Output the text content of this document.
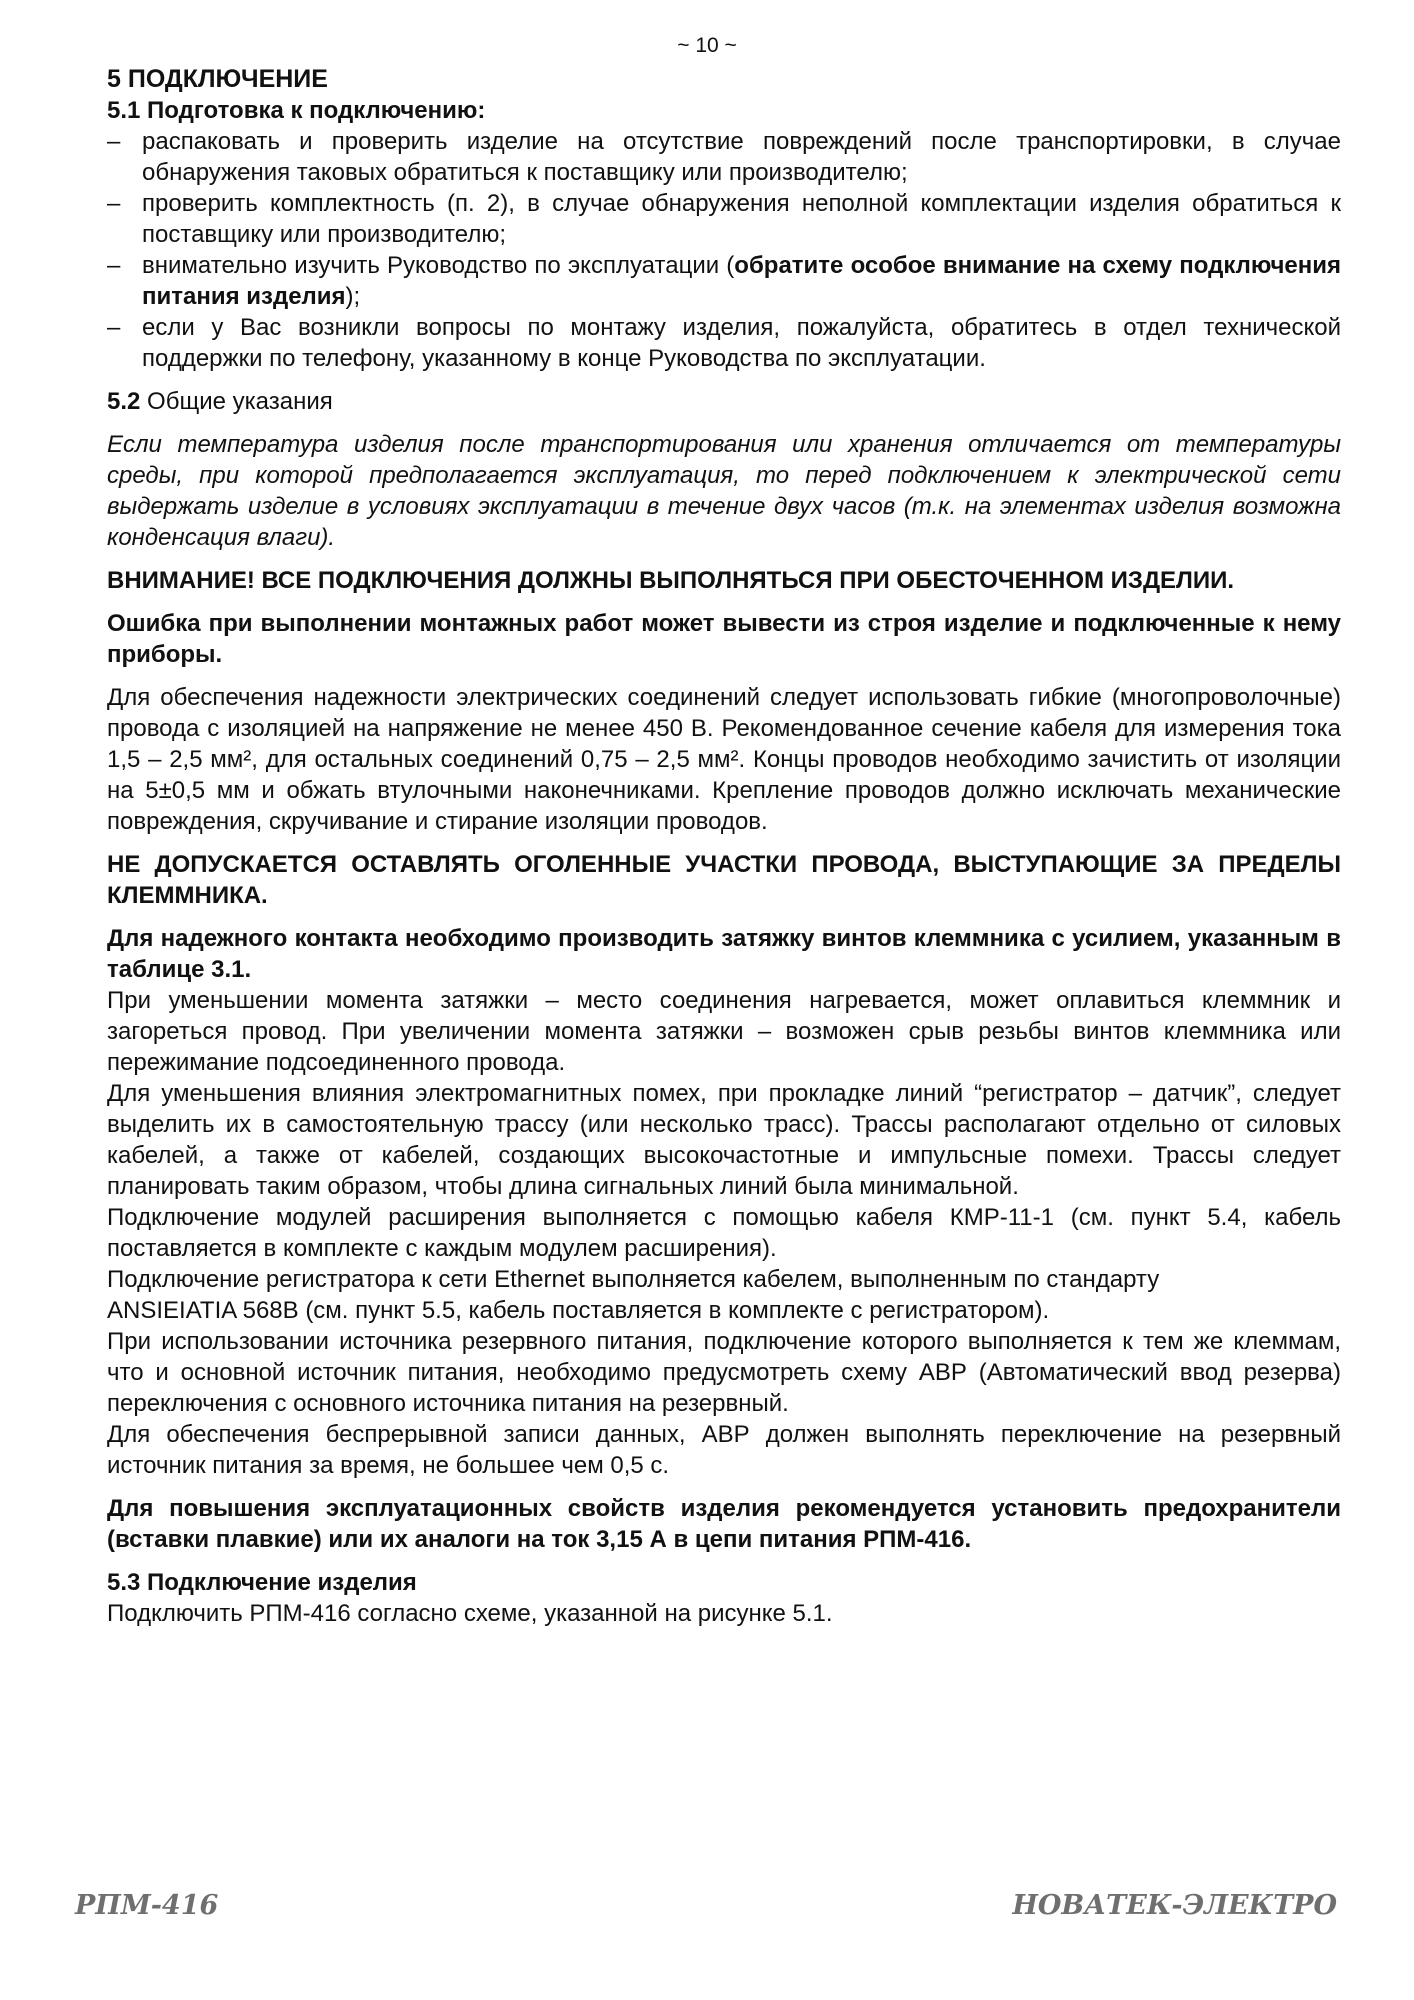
~ 10 ~

5 ПОДКЛЮЧЕНИЕ

5.1 Подготовка к подключению:

– распаковать и проверить изделие на отсутствие повреждений после транспортировки, в случае обнаружения таковых обратиться к поставщику или производителю;
– проверить комплектность (п. 2), в случае обнаружения неполной комплектации изделия обратиться к поставщику или производителю;
– внимательно изучить Руководство по эксплуатации (обратите особое внимание на схему подключения питания изделия);
– если у Вас возникли вопросы по монтажу изделия, пожалуйста, обратитесь в отдел технической поддержки по телефону, указанному в конце Руководства по эксплуатации.

5.2 Общие указания

Если температура изделия после транспортирования или хранения отличается от температуры среды, при которой предполагается эксплуатация, то перед подключением к электрической сети выдержать изделие в условиях эксплуатации в течение двух часов (т.к. на элементах изделия возможна конденсация влаги).

ВНИМАНИЕ! ВСЕ ПОДКЛЮЧЕНИЯ ДОЛЖНЫ ВЫПОЛНЯТЬСЯ ПРИ ОБЕСТОЧЕННОМ ИЗДЕЛИИ.

Ошибка при выполнении монтажных работ может вывести из строя изделие и подключенные к нему приборы.

Для обеспечения надежности электрических соединений следует использовать гибкие (многопроволочные) провода с изоляцией на напряжение не менее 450 В. Рекомендованное сечение кабеля для измерения тока 1,5 – 2,5 мм², для остальных соединений 0,75 – 2,5 мм². Концы проводов необходимо зачистить от изоляции на 5±0,5 мм и обжать втулочными наконечниками. Крепление проводов должно исключать механические повреждения, скручивание и стирание изоляции проводов.

НЕ ДОПУСКАЕТСЯ ОСТАВЛЯТЬ ОГОЛЕННЫЕ УЧАСТКИ ПРОВОДА, ВЫСТУПАЮЩИЕ ЗА ПРЕДЕЛЫ КЛЕММНИКА.

Для надежного контакта необходимо производить затяжку винтов клеммника с усилием, указанным в таблице 3.1.

При уменьшении момента затяжки – место соединения нагревается, может оплавиться клеммник и загореться провод. При увеличении момента затяжки – возможен срыв резьбы винтов клеммника или пережимание подсоединенного провода.

Для уменьшения влияния электромагнитных помех, при прокладке линий “регистратор – датчик”, следует выделить их в самостоятельную трассу (или несколько трасс). Трассы располагают отдельно от силовых кабелей, а также от кабелей, создающих высокочастотные и импульсные помехи. Трассы следует планировать таким образом, чтобы длина сигнальных линий была минимальной.

Подключение модулей расширения выполняется с помощью кабеля КМР-11-1 (см. пункт 5.4, кабель поставляется в комплекте с каждым модулем расширения).

Подключение регистратора к сети Ethernet выполняется кабелем, выполненным по стандарту

ANSIEIATIA 568B (см. пункт 5.5, кабель поставляется в комплекте с регистратором).

При использовании источника резервного питания, подключение которого выполняется к тем же клеммам, что и основной источник питания, необходимо предусмотреть схему АВР (Автоматический ввод резерва) переключения с основного источника питания на резервный.

Для обеспечения беспрерывной записи данных, АВР должен выполнять переключение на резервный источник питания за время, не большее чем 0,5 с.

Для повышения эксплуатационных свойств изделия рекомендуется установить предохранители (вставки плавкие) или их аналоги на ток 3,15 А в цепи питания РПМ-416.

5.3 Подключение изделия

Подключить РПМ-416 согласно схеме, указанной на рисунке 5.1.

РПМ-416	НОВАТЕК-ЭЛЕКТРО
